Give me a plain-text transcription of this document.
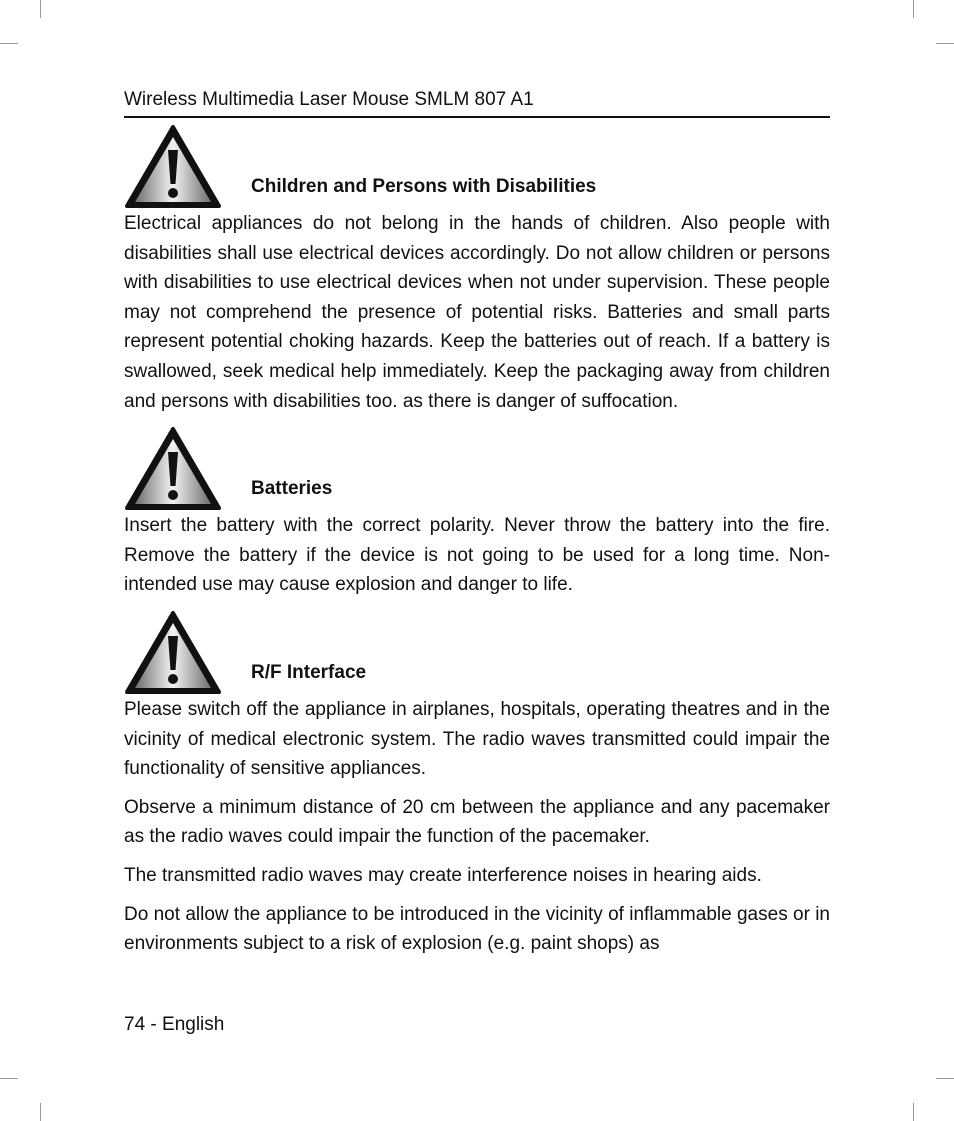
Wireless Multimedia Laser Mouse SMLM 807 A1
Children and Persons with Disabilities

Electrical appliances do not belong in the hands of children. Also people with disabilities shall use electrical devices accordingly. Do not allow children or persons with disabilities to use electrical devices when not under supervision. These people may not comprehend the presence of potential risks. Batteries and small parts represent potential choking hazards. Keep the batteries out of reach. If a battery is swallowed, seek medical help immediately. Keep the packaging away from children and persons with disabilities too. as there is danger of suffocation.

Batteries

Insert the battery with the correct polarity. Never throw the battery into the fire. Remove the battery if the device is not going to be used for a long time. Non-intended use may cause explosion and danger to life.

R/F Interface

Please switch off the appliance in airplanes, hospitals, operating theatres and in the vicinity of medical electronic system. The radio waves transmitted could impair the functionality of sensitive appliances.

Observe a minimum distance of 20 cm between the appliance and any pacemaker as the radio waves could impair the function of the pacemaker.

The transmitted radio waves may create interference noises in hearing aids.

Do not allow the appliance to be introduced in the vicinity of inflammable gases or in environments subject to a risk of explosion (e.g. paint shops) as

74 - English
